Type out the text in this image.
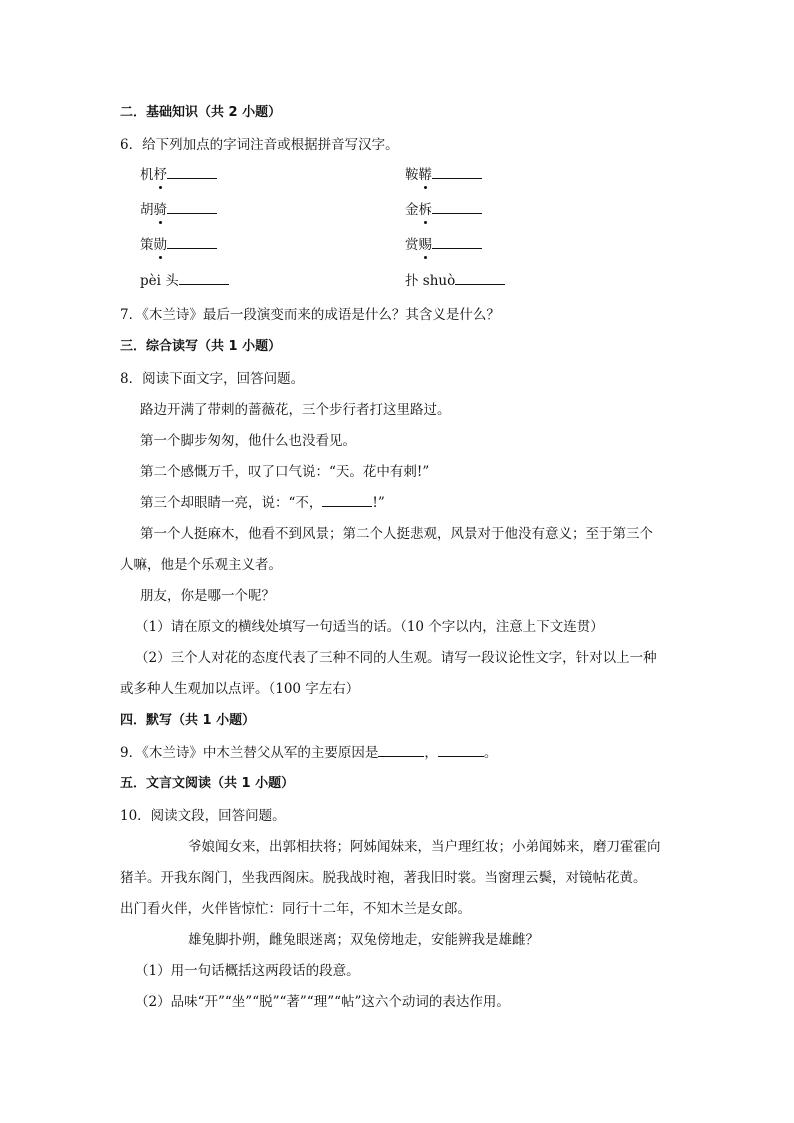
二．基础知识（共 2 小题）
6．给下列加点的字词注音或根据拼音写汉字。
机杼	鞍鞯
胡骑	金柝
策勋	赏赐
pèi 头	扑 shuò
7．《木兰诗》最后一段演变而来的成语是什么？其含义是什么？
三．综合读写（共 1 小题）
8．阅读下面文字，回答问题。
路边开满了带刺的蔷薇花，三个步行者打这里路过。
第一个脚步匆匆，他什么也没看见。
第二个感慨万千，叹了口气说：“天。花中有刺!”
第三个却眼睛一亮，说：“不，	!”
第一个人挺麻木，他看不到风景；第二个人挺悲观，风景对于他没有意义；至于第三个
人嘛，他是个乐观主义者。
朋友，你是哪一个呢？
（1）请在原文的横线处填写一句适当的话。（10 个字以内，注意上下文连贯）
（2）三个人对花的态度代表了三种不同的人生观。请写一段议论性文字，针对以上一种
或多种人生观加以点评。（100 字左右）
四．默写（共 1 小题）
9．《木兰诗》中木兰替父从军的主要原因是	，	。
五．文言文阅读（共 1 小题）
10．阅读文段，回答问题。
爷娘闻女来，出郭相扶将；阿姊闻妹来，当户理红妆；小弟闻姊来，磨刀霍霍向
猪羊。开我东阁门，坐我西阁床。脱我战时袍，著我旧时裳。当窗理云鬓，对镜帖花黄。
出门看火伴，火伴皆惊忙：同行十二年，不知木兰是女郎。
雄兔脚扑朔，雌兔眼迷离；双兔傍地走，安能辨我是雄雌？
（1）用一句话概括这两段话的段意。
（2）品味“开”“坐”“脱”“著”“理”“帖”这六个动词的表达作用。
